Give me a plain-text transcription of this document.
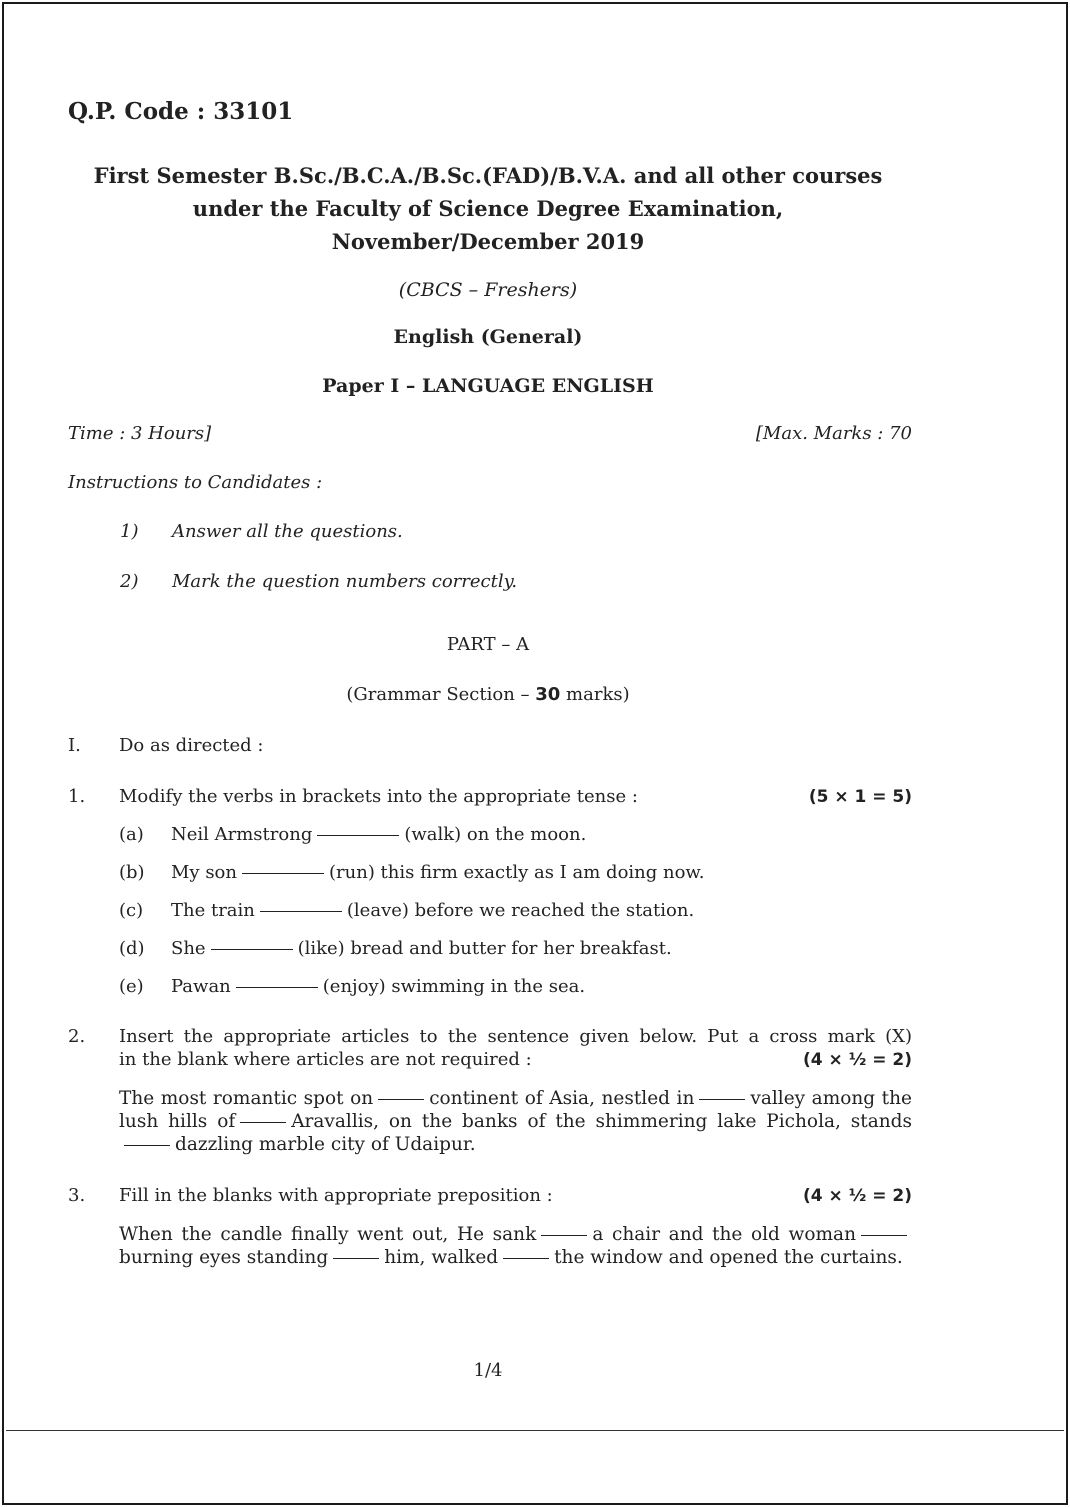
Q.P. Code : 33101
First Semester B.Sc./B.C.A./B.Sc.(FAD)/B.V.A. and all other courses
under the Faculty of Science Degree Examination,
November/December 2019
(CBCS – Freshers)
English (General)
Paper I – LANGUAGE ENGLISH
Time : 3 Hours]	[Max. Marks : 70
Instructions to Candidates :
1) Answer all the questions.
2) Mark the question numbers correctly.
PART – A
(Grammar Section – 30 marks)
I. Do as directed :
1. Modify the verbs in brackets into the appropriate tense :	(5 × 1 = 5)
(a) Neil Armstrong	(walk) on the moon.
(b) My son	(run) this firm exactly as I am doing now.
(c) The train	(leave) before we reached the station.
(d) She	(like) bread and butter for her breakfast.
(e) Pawan	(enjoy) swimming in the sea.
2. Insert the appropriate articles to the sentence given below. Put a cross mark (X)
in the blank where articles are not required :	(4 × ½ = 2)
The most romantic spot on	continent of Asia, nestled in	valley among the lush hills of	Aravallis, on the banks of the shimmering lake Pichola, standsdazzling marble city of Udaipur.
3. Fill in the blanks with appropriate preposition :	(4 × ½ = 2)
When the candle finally went out, He sank	a chair and the old womanburning eyes standing	him, walked	the window and opened the curtains.
1/4
